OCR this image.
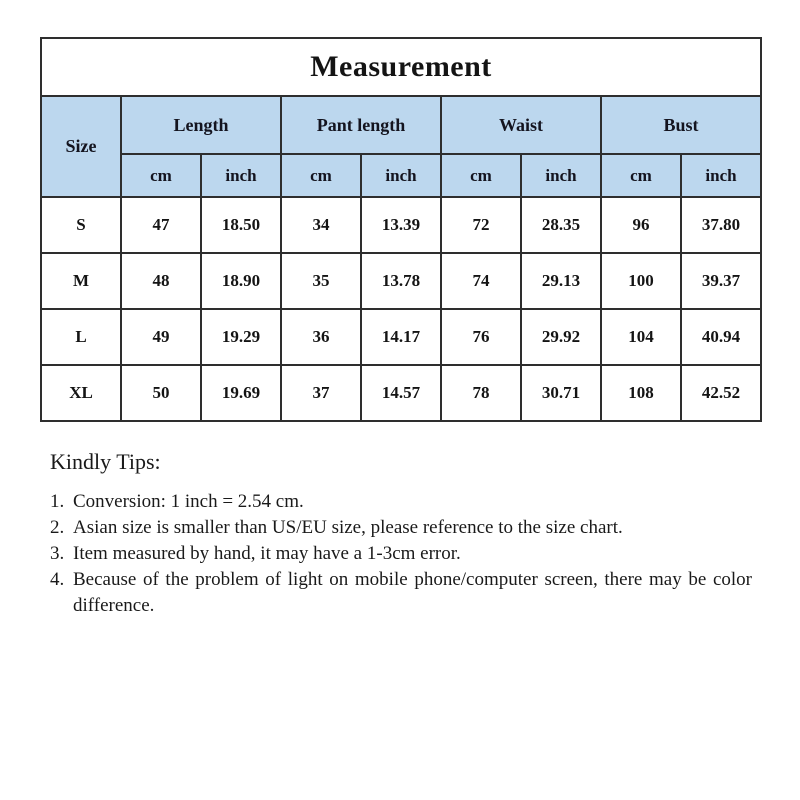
Measurement								
Size	Length		Pant length		Waist		Bust	
	cm	inch	cm	inch	cm	inch	cm	inch
S	47	18.50	34	13.39	72	28.35	96	37.80
M	48	18.90	35	13.78	74	29.13	100	39.37
L	49	19.29	36	14.17	76	29.92	104	40.94
XL	50	19.69	37	14.57	78	30.71	108	42.52
Kindly Tips:
1. Conversion: 1 inch = 2.54 cm.
2. Asian size is smaller than US/EU size, please reference to the size chart.
3. Item measured by hand, it may have a 1-3cm error.
4. Because of the problem of light on mobile phone/computer screen, there may be color difference.
